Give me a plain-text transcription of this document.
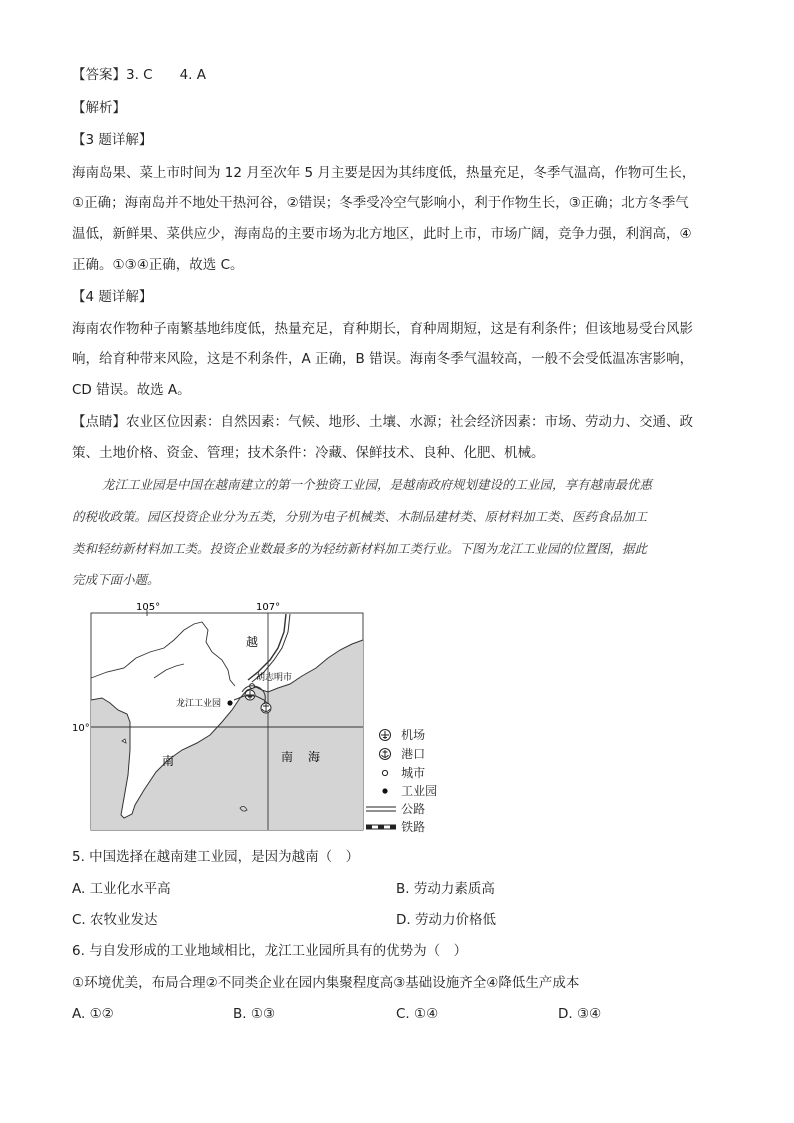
【答案】3. C　　4. A
【解析】
【3 题详解】
海南岛果、菜上市时间为 12 月至次年 5 月主要是因为其纬度低，热量充足，冬季气温高，作物可生长，
①正确；海南岛并不地处干热河谷，②错误；冬季受冷空气影响小，利于作物生长，③正确；北方冬季气
温低，新鲜果、菜供应少，海南岛的主要市场为北方地区，此时上市，市场广阔，竞争力强，利润高，④
正确。①③④正确，故选 C。
【4 题详解】
海南农作物种子南繁基地纬度低，热量充足，育种期长，育种周期短，这是有利条件；但该地易受台风影
响，给育种带来风险，这是不利条件，A 正确，B 错误。海南冬季气温较高，一般不会受低温冻害影响，
CD 错误。故选 A。
【点睛】农业区位因素：自然因素：气候、地形、土壤、水源；社会经济因素：市场、劳动力、交通、政
策、土地价格、资金、管理；技术条件：冷藏、保鲜技术、良种、化肥、机械。
龙江工业园是中国在越南建立的第一个独资工业园，是越南政府规划建设的工业园，享有越南最优惠
的税收政策。园区投资企业分为五类，分别为电子机械类、木制品建材类、原材料加工类、医药食品加工
类和轻纺新材料加工类。投资企业数最多的为轻纺新材料加工类行业。下图为龙江工业园的位置图，据此
完成下面小题。
105°	107°
10°
越
南	南 海
胡志明市
龙江工业园
机场
港口
城市
工业园
公路
铁路
5. 中国选择在越南建工业园，是因为越南（　）
A. 工业化水平高	B. 劳动力素质高
C. 农牧业发达	D. 劳动力价格低
6. 与自发形成的工业地域相比，龙江工业园所具有的优势为（　）
①环境优美，布局合理②不同类企业在园内集聚程度高③基础设施齐全④降低生产成本
A. ①②	B. ①③	C. ①④	D. ③④
